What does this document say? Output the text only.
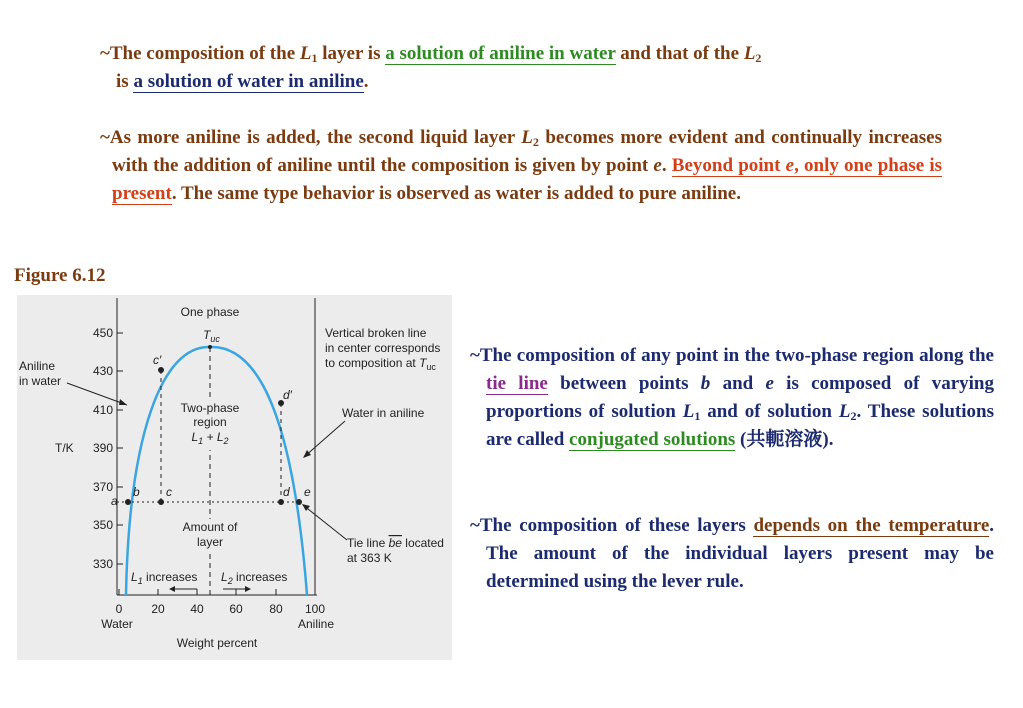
~The composition of the $L_1$ layer is a solution of aniline in water and that of the $L_2$
is a solution of water in aniline.
~As more aniline is added, the second liquid layer $L_2$ becomes more evident and continually increases with the addition of aniline until the composition is given by point e. Beyond point e, only one phase is present. The same type behavior is observed as water is added to pure aniline.
Figure 6.12
450
430
410
390
370
350
330
T/K
0 20 40 60 80 100
Water	Aniline
Weight percent
a
b c	d e
c′
d′
One phase
$T_{uc}$
Aniline
in water
Two-phase
region
$L_1 + L_2$
Amount of
layer
$L_1$ increases $L_2$ increases
Vertical broken line
in center corresponds
to composition at $T_{uc}$
Water in aniline
Tie line be located
at 363 K
~The composition of any point in the two-phase region along the tie line between points b and e is composed of varying proportions of solution $L_1$ and of solution $L_2$. These solutions are called conjugated solutions (共軛溶液).
~The composition of these layers depends on the temperature. The amount of the individual layers present may be determined using the lever rule.
